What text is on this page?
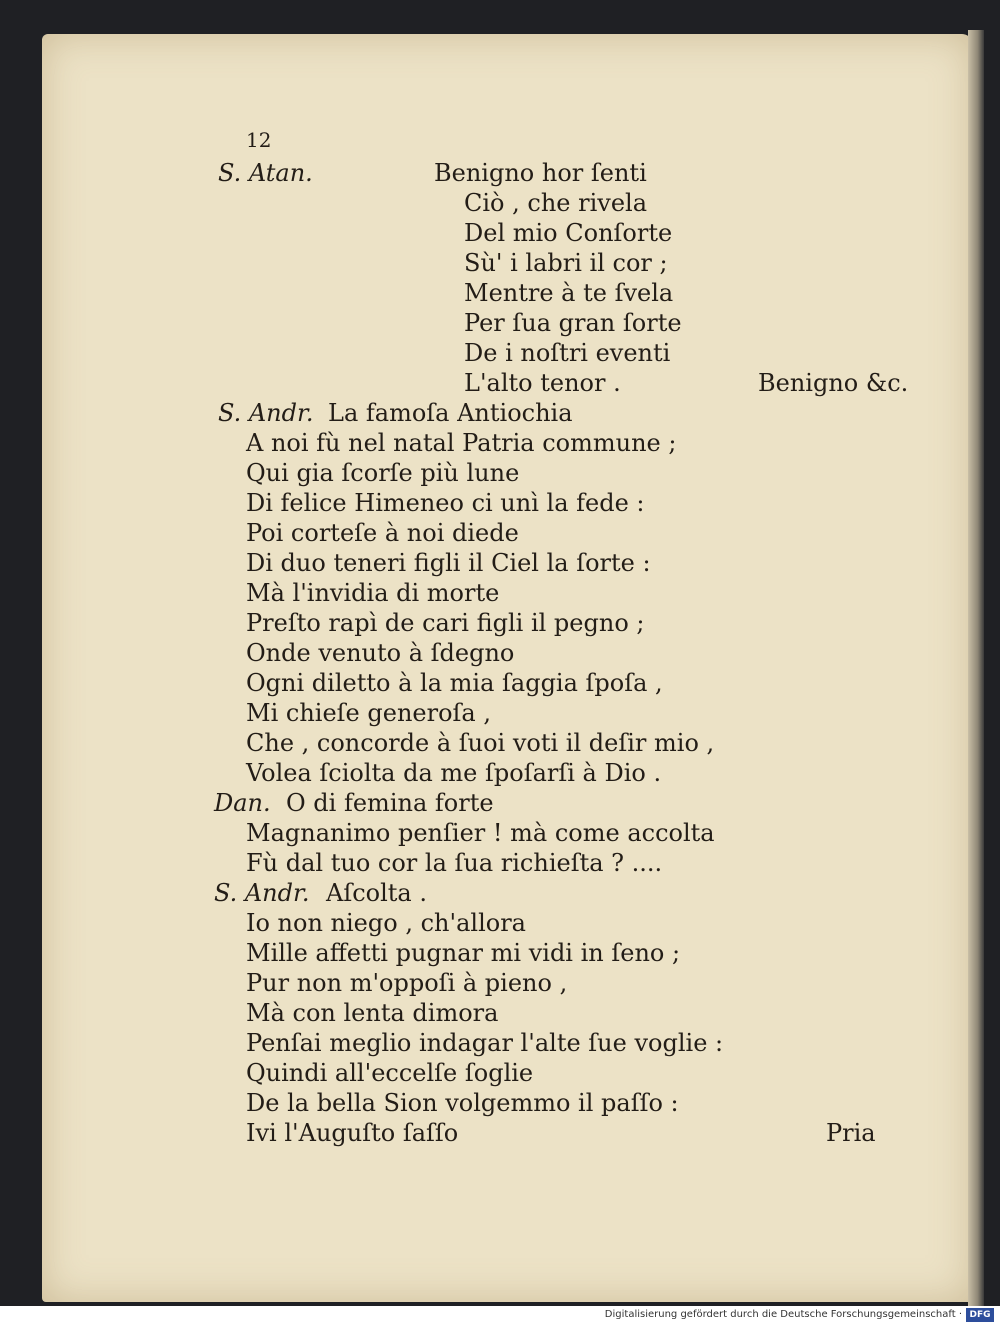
12
S. Atan.
S. Andr.
Dan.
S. Andr.
Benigno hor ſenti
Ciò , che rivela
Del mio Conſorte
Sù' i labri il cor ;
Mentre à te ſvela
Per ſua gran ſorte
De i noſtri eventi
L'alto tenor .	Benigno &c.
La famoſa Antiochia
A noi fù nel natal Patria commune ;
Qui gia ſcorſe più lune
Di felice Himeneo ci unì la fede :
Poi corteſe à noi diede
Di duo teneri figli il Ciel la ſorte :
Mà l'invidia di morte
Preſto rapì de cari figli il pegno ;
Onde venuto à ſdegno
Ogni diletto à la mia ſaggia ſpoſa ,
Mi chieſe generoſa ,
Che , concorde à ſuoi voti il deſir mio ,
Volea ſciolta da me ſpoſarſi à Dio .
O di femina forte
Magnanimo penſier ! mà come accolta
Fù dal tuo cor la ſua richieſta ? ....
Aſcolta .
Io non niego , ch'allora
Mille affetti pugnar mi vidi in ſeno ;
Pur non m'oppoſi à pieno ,
Mà con lenta dimora
Penſai meglio indagar l'alte ſue voglie :
Quindi all'eccelſe ſoglie
De la bella Sion volgemmo il paſſo :
Ivi l'Auguſto ſaſſo	Pria
Digitalisierung gefördert durch die Deutsche Forschungsgemeinschaft · DFG
